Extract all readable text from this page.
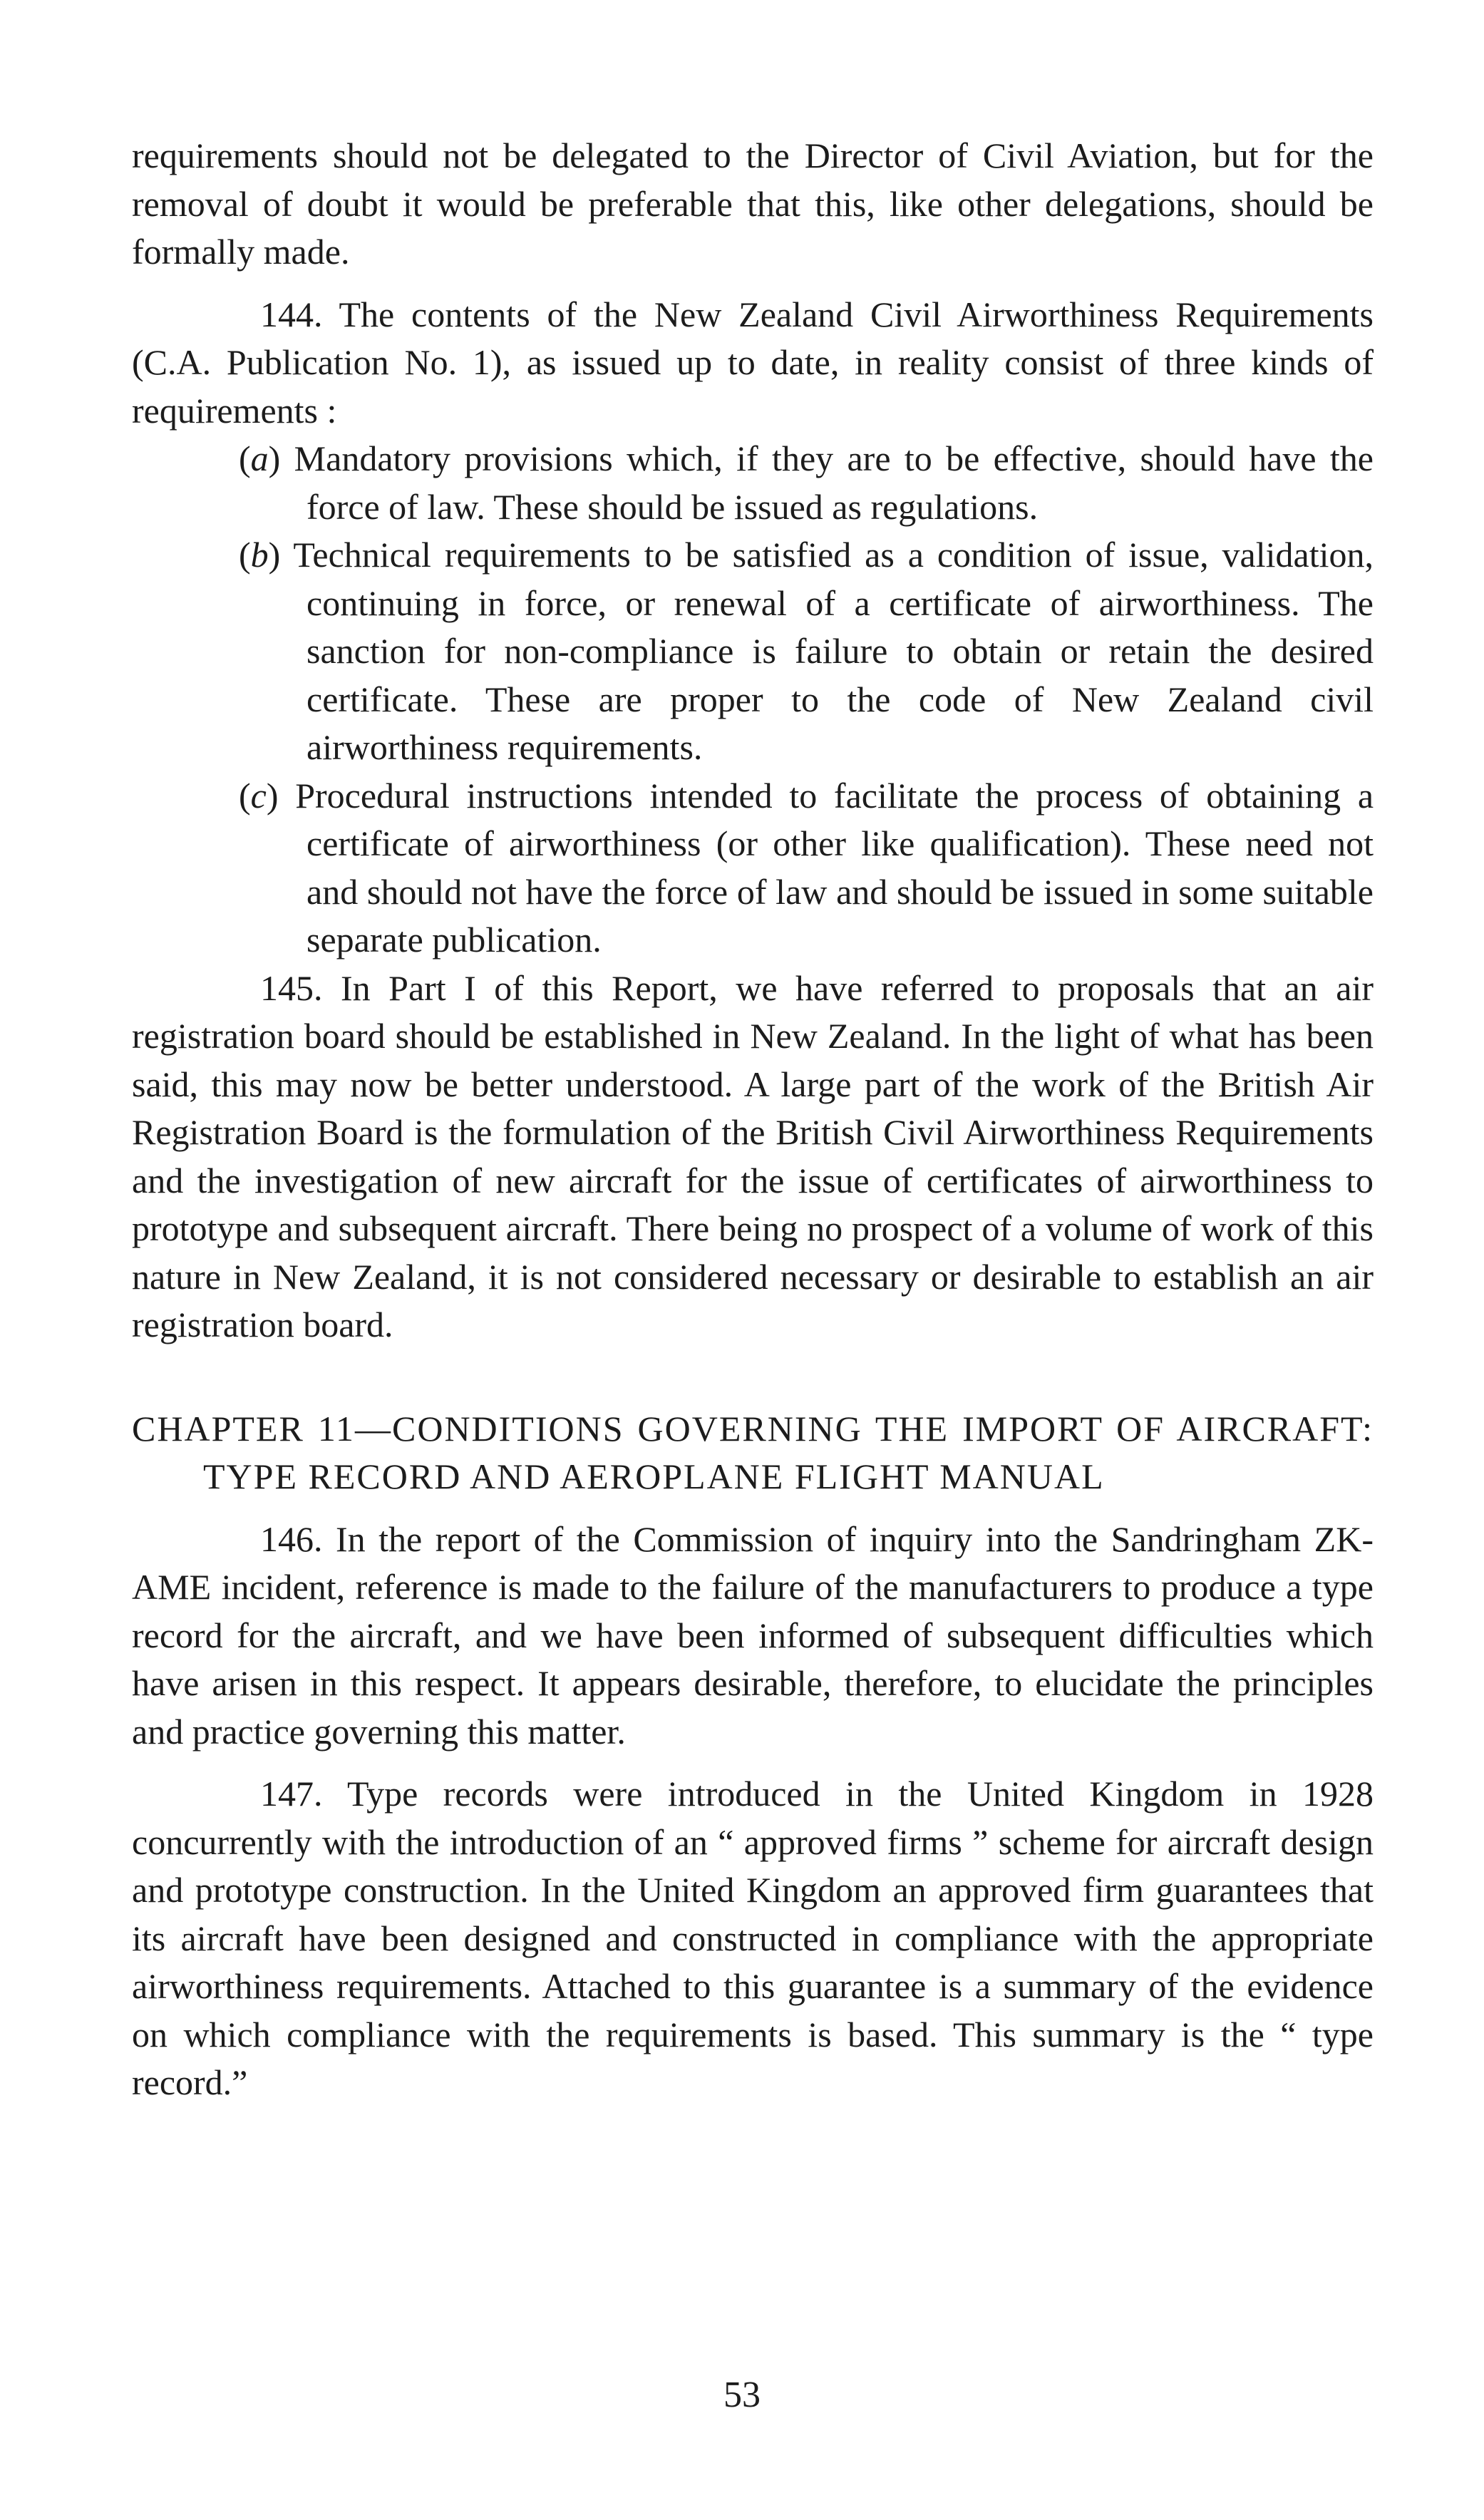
requirements should not be delegated to the Director of Civil Aviation, but for the removal of doubt it would be preferable that this, like other delegations, should be formally made.

144. The contents of the New Zealand Civil Airworthiness Requirements (C.A. Publication No. 1), as issued up to date, in reality consist of three kinds of requirements :

(a) Mandatory provisions which, if they are to be effective, should have the force of law. These should be issued as regulations.

(b) Technical requirements to be satisfied as a condition of issue, validation, continuing in force, or renewal of a certificate of airworthiness. The sanction for non-compliance is failure to obtain or retain the desired certificate. These are proper to the code of New Zealand civil airworthiness requirements.

(c) Procedural instructions intended to facilitate the process of obtaining a certificate of airworthiness (or other like qualification). These need not and should not have the force of law and should be issued in some suitable separate publication.

145. In Part I of this Report, we have referred to proposals that an air registration board should be established in New Zealand. In the light of what has been said, this may now be better understood. A large part of the work of the British Air Registration Board is the formulation of the British Civil Airworthiness Requirements and the investigation of new aircraft for the issue of certificates of airworthiness to prototype and subsequent aircraft. There being no prospect of a volume of work of this nature in New Zealand, it is not considered necessary or desirable to establish an air registration board.

CHAPTER 11—CONDITIONS GOVERNING THE IMPORT OF AIRCRAFT: TYPE RECORD AND AEROPLANE FLIGHT MANUAL

146. In the report of the Commission of inquiry into the Sandringham ZK-AME incident, reference is made to the failure of the manufacturers to produce a type record for the aircraft, and we have been informed of subsequent difficulties which have arisen in this respect. It appears desirable, therefore, to elucidate the principles and practice governing this matter.

147. Type records were introduced in the United Kingdom in 1928 concurrently with the introduction of an “ approved firms ” scheme for aircraft design and prototype construction. In the United Kingdom an approved firm guarantees that its aircraft have been designed and constructed in compliance with the appropriate airworthiness requirements. Attached to this guarantee is a summary of the evidence on which compliance with the requirements is based. This summary is the “ type record.”

53
